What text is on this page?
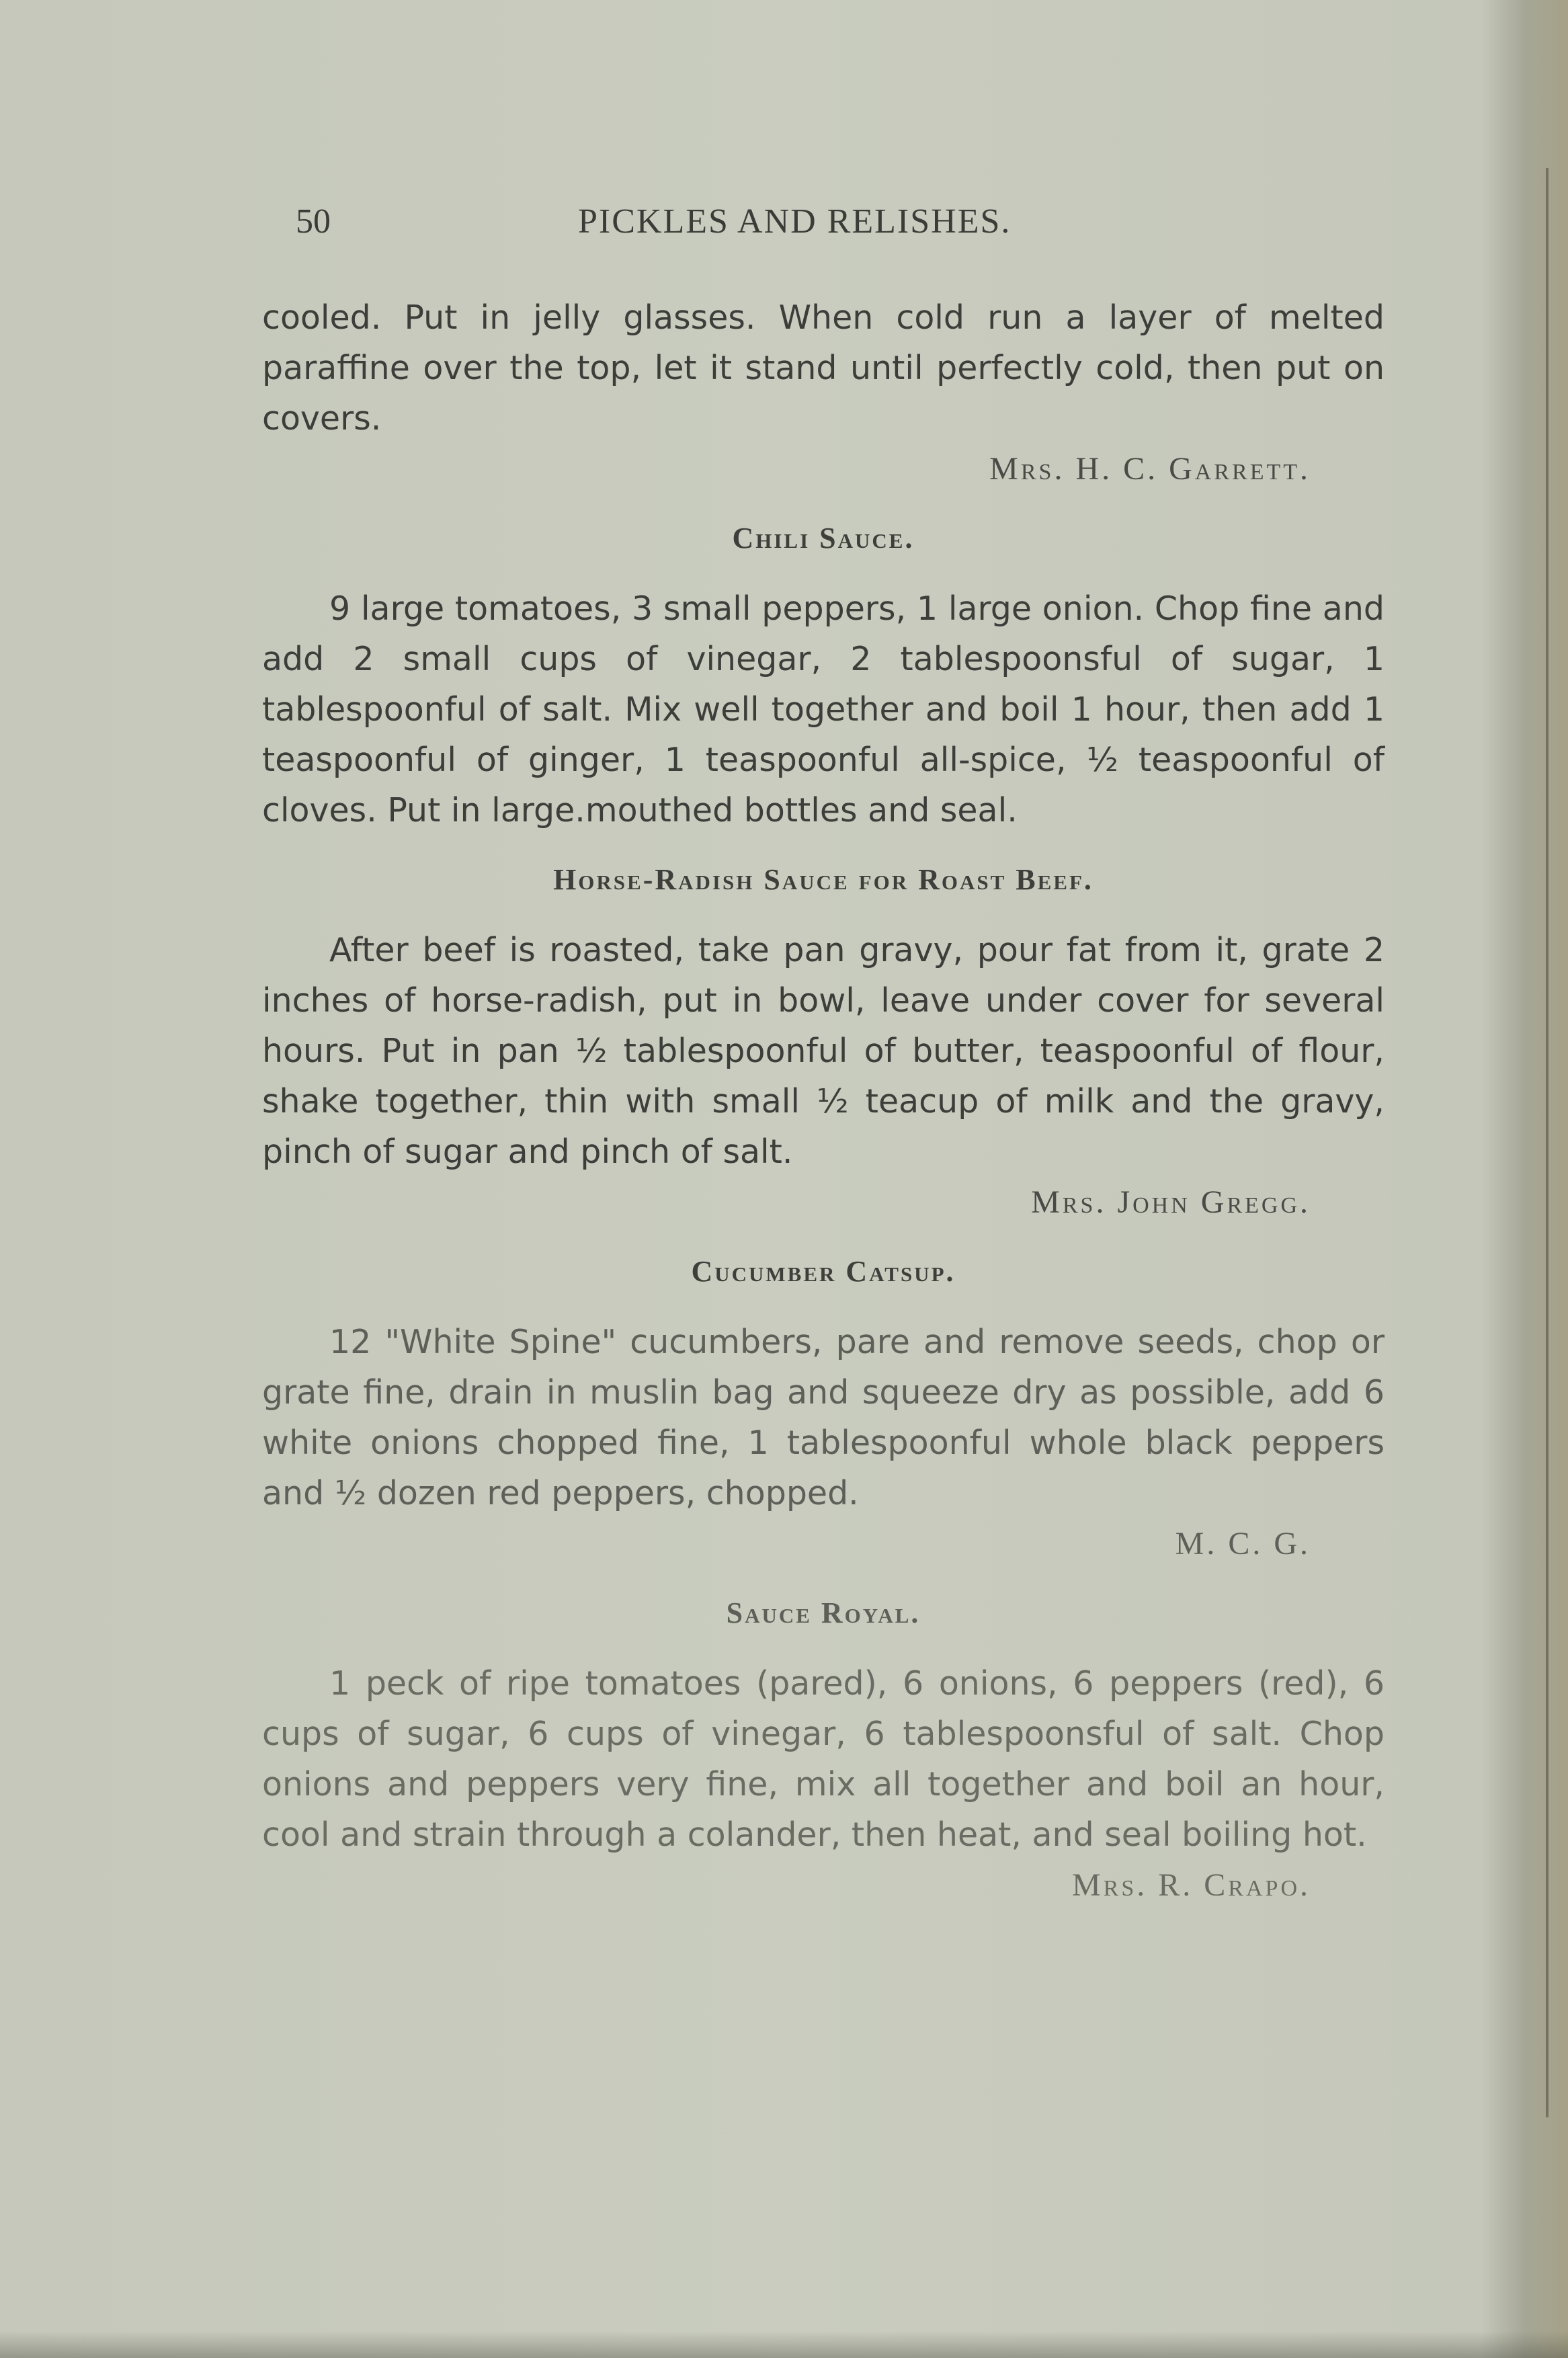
50	PICKLES AND RELISHES.

cooled. Put in jelly glasses. When cold run a layer of melted paraffine over the top, let it stand until perfectly cold, then put on covers.

Mrs. H. C. Garrett.

Chili Sauce.

9 large tomatoes, 3 small peppers, 1 large onion. Chop fine and add 2 small cups of vinegar, 2 tablespoonsful of sugar, 1 tablespoonful of salt. Mix well together and boil 1 hour, then add 1 teaspoonful of ginger, 1 teaspoonful all-spice, ½ teaspoonful of cloves. Put in large.mouthed bottles and seal.

Horse-Radish Sauce for Roast Beef.

After beef is roasted, take pan gravy, pour fat from it, grate 2 inches of horse-radish, put in bowl, leave under cover for several hours. Put in pan ½ tablespoonful of butter, teaspoonful of flour, shake together, thin with small ½ teacup of milk and the gravy, pinch of sugar and pinch of salt.

Mrs. John Gregg.

Cucumber Catsup.

12 "White Spine" cucumbers, pare and remove seeds, chop or grate fine, drain in muslin bag and squeeze dry as possible, add 6 white onions chopped fine, 1 tablespoonful whole black peppers and ½ dozen red peppers, chopped.

M. C. G.

Sauce Royal.

1 peck of ripe tomatoes (pared), 6 onions, 6 peppers (red), 6 cups of sugar, 6 cups of vinegar, 6 tablespoonsful of salt. Chop onions and peppers very fine, mix all together and boil an hour, cool and strain through a colander, then heat, and seal boiling hot.

Mrs. R. Crapo.
